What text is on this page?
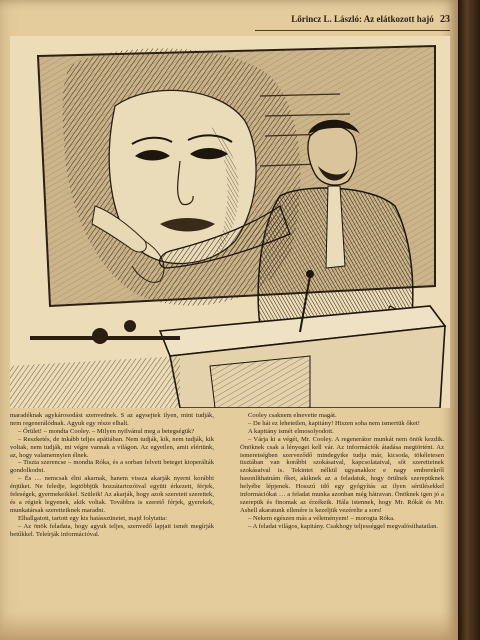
Lőrincz L. László: Az elátkozott hajó 23

maradéknak agykárosodást szenvednek. S az agysejtek ilyen, mint tudják, nem regenerálódnak. Agyuk egy része elhalt.

– Őrület! – mondta Cooley. – Milyen nyilvánul meg a betegségük?

– Reszketés, de inkább teljes apátiában. Nem tudják, kik, nem tudják, kik voltak, nem tudják, mi végre vannak a világon. Az egyetlen, amit elértünk, az, hogy valamennyien élnek.

– Tiszta szerencse – mondta Róka, és a sorban felvett beteget kioperálták gondolkodni.

– És … nemcsak élni akarnak, hanem vissza akarják nyerni korábbi énjüket. Ne feledje, legtöbbjük hozzátartozóival együtt érkezett, férjek, feleségek, gyermekeikkel. Szüleik! Az akarják, hogy azok szeretett szerettek, és a régiek legyenek, akik voltak. Továbbra is szerető férjek, gyerekek, munkatársak szeretteiknek maradni.

Elhallgatott, tartott egy kis hatásszünetet, majd folytatta:

– Az önök feladata, hogy agyuk teljes, szenvedő lapjait ismét megírják betűkkel. Teleírják információval.

Cooley csaknem elnevette magát.

– De hát ez lehetetlen, kapitány! Hiszen soha nem ismertük őket!

A kapitány ismét elmosolyodott.

– Várja ki a végét, Mr. Cooley. A regenerátor munkát nem önök kezdik. Önöknek csak a lényeget kell vár. Az információk átadása megtörtént. Az ismeretségben szerveződő mindegyike tudja már, kicsoda, tökéletesen tisztában van korábbi szokásaival, kapcsolataival, sőt szeretteinek szokásaival is. Tekintet nélkül ugyanakkor e nagy emberekről hasonlíthatnám őket, akiknek az a feladatuk, hogy örülnek szerepüknek helyébe lépjenek. Hosszú idő egy gyógyítás az ilyen sérülésekkel információkat … a feladat munka azonban még hátravan. Önöknek igen jó a szerepük és finomak az érzékeik. Hála istennek, hogy Mr. Rókát és Mr. Ashell akaratunk ellenére is kezeljük vezérelte a sors!

– Nekem egészen más a véleményem! – morogta Róka.

– A feladat világos, kapitány. Csakhogy teljességgel megvalósíthatatlan.
